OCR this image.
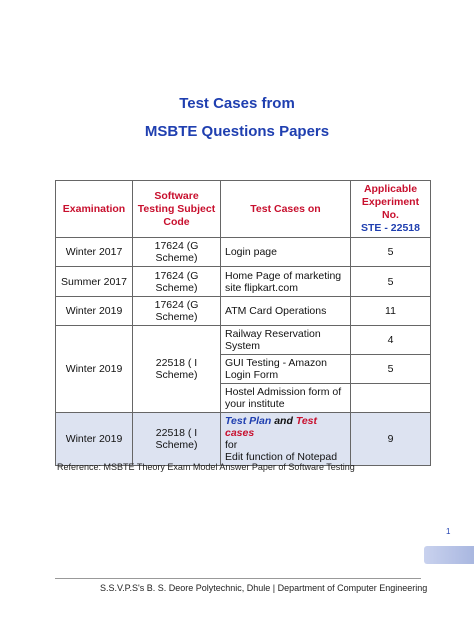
Test Cases from
MSBTE Questions Papers
Examination	Software Testing Subject Code	Test Cases on	Applicable Experiment No.
STE - 22518

Winter 2017	17624 (G Scheme)	Login page	5
Summer 2017	17624 (G Scheme)	Home Page of marketing site flipkart.com	5
Winter 2019	17624 (G Scheme)	ATM Card Operations	11
Winter 2019	22518 ( I Scheme)	Railway Reservation System	4
		GUI Testing - Amazon Login Form	5
		Hostel Admission form of your institute	
Winter 2019	22518 ( I Scheme)	Test Plan and Test cases
for
Edit function of Notepad	9
Reference: MSBTE Theory Exam Model Answer Paper of Software Testing
1
S.S.V.P.S's B. S. Deore Polytechnic, Dhule | Department of Computer Engineering
